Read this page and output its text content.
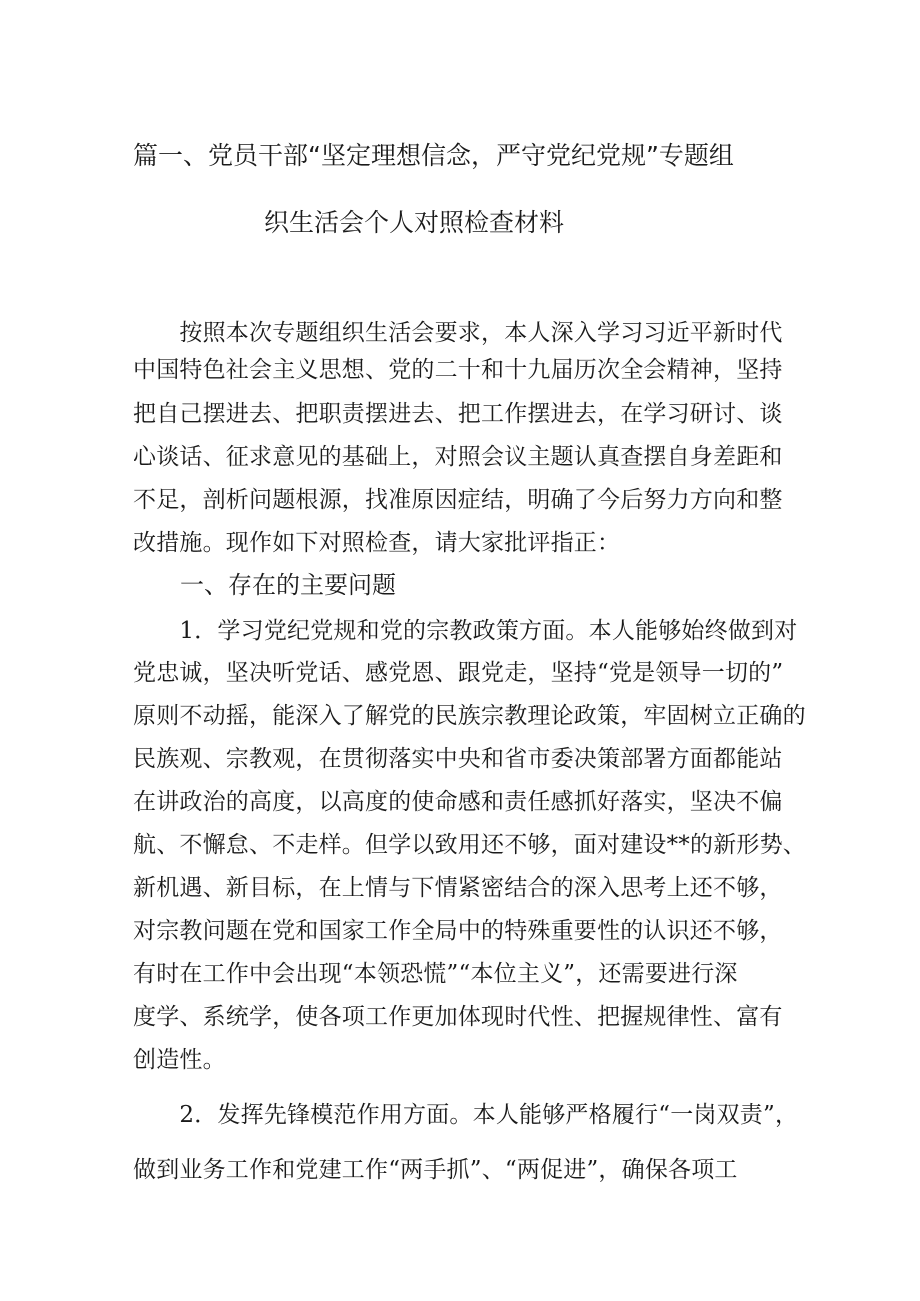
篇一、党员干部“坚定理想信念，严守党纪党规”专题组
织生活会个人对照检查材料
　　按照本次专题组织生活会要求，本人深入学习习近平新时代
中国特色社会主义思想、党的二十和十九届历次全会精神，坚持
把自己摆进去、把职责摆进去、把工作摆进去，在学习研讨、谈
心谈话、征求意见的基础上，对照会议主题认真查摆自身差距和
不足，剖析问题根源，找准原因症结，明确了今后努力方向和整
改措施。现作如下对照检查，请大家批评指正：
一、存在的主要问题
　　1．学习党纪党规和党的宗教政策方面。本人能够始终做到对
党忠诚，坚决听党话、感党恩、跟党走，坚持“党是领导一切的”
原则不动摇，能深入了解党的民族宗教理论政策，牢固树立正确的
民族观、宗教观，在贯彻落实中央和省市委决策部署方面都能站
在讲政治的高度，以高度的使命感和责任感抓好落实，坚决不偏
航、不懈怠、不走样。但学以致用还不够，面对建设**的新形势、
新机遇、新目标，在上情与下情紧密结合的深入思考上还不够，
对宗教问题在党和国家工作全局中的特殊重要性的认识还不够，
有时在工作中会出现“本领恐慌”“本位主义”，还需要进行深
度学、系统学，使各项工作更加体现时代性、把握规律性、富有
创造性。
　　2．发挥先锋模范作用方面。本人能够严格履行“一岗双责”，
做到业务工作和党建工作“两手抓”、“两促进”，确保各项工
